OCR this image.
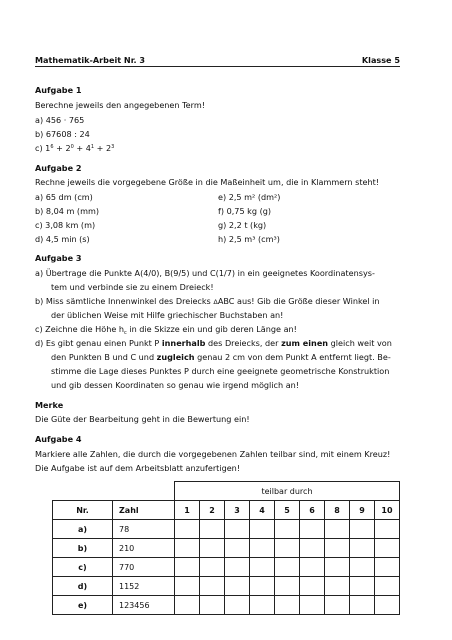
Mathematik-Arbeit Nr. 3	Klasse 5
Aufgabe 1
Berechne jeweils den angegebenen Term!
a) 456 · 765
b) 67608 : 24
c) $1^6 + 2^0 + 4^1 + 2^3$
Aufgabe 2
Rechne jeweils die vorgegebene Größe in die Maßeinheit um, die in Klammern steht!
a) 65 dm (cm)
b) 8,04 m (mm)
c) 3,08 km (m)
d) 4,5 min (s)
e) 2,5 m² (dm²)
f) 0,75 kg (g)
g) 2,2 t (kg)
h) 2,5 m³ (cm³)
Aufgabe 3
a) Übertrage die Punkte A(4/0), B(9/5) und C(1/7) in ein geeignetes Koordinatensys-
tem und verbinde sie zu einem Dreieck!
b) Miss sämtliche Innenwinkel des Dreiecks ΔABC aus! Gib die Größe dieser Winkel in
der üblichen Weise mit Hilfe griechischer Buchstaben an!
c) Zeichne die Höhe $h_c$ in die Skizze ein und gib deren Länge an!
d) Es gibt genau einen Punkt P innerhalb des Dreiecks, der zum einen gleich weit von
den Punkten B und C und zugleich genau 2 cm von dem Punkt A entfernt liegt. Be-
stimme die Lage dieses Punktes P durch eine geeignete geometrische Konstruktion
und gib dessen Koordinaten so genau wie irgend möglich an!
Merke
Die Güte der Bearbeitung geht in die Bewertung ein!
Aufgabe 4
Markiere alle Zahlen, die durch die vorgegebenen Zahlen teilbar sind, mit einem Kreuz!
Die Aufgabe ist auf dem Arbeitsblatt anzufertigen!
		teilbar durch								
Nr.	Zahl	1	2	3	4	5	6	8	9	10
a)	78									
b)	210									
c)	770									
d)	1152									
e)	123456									
